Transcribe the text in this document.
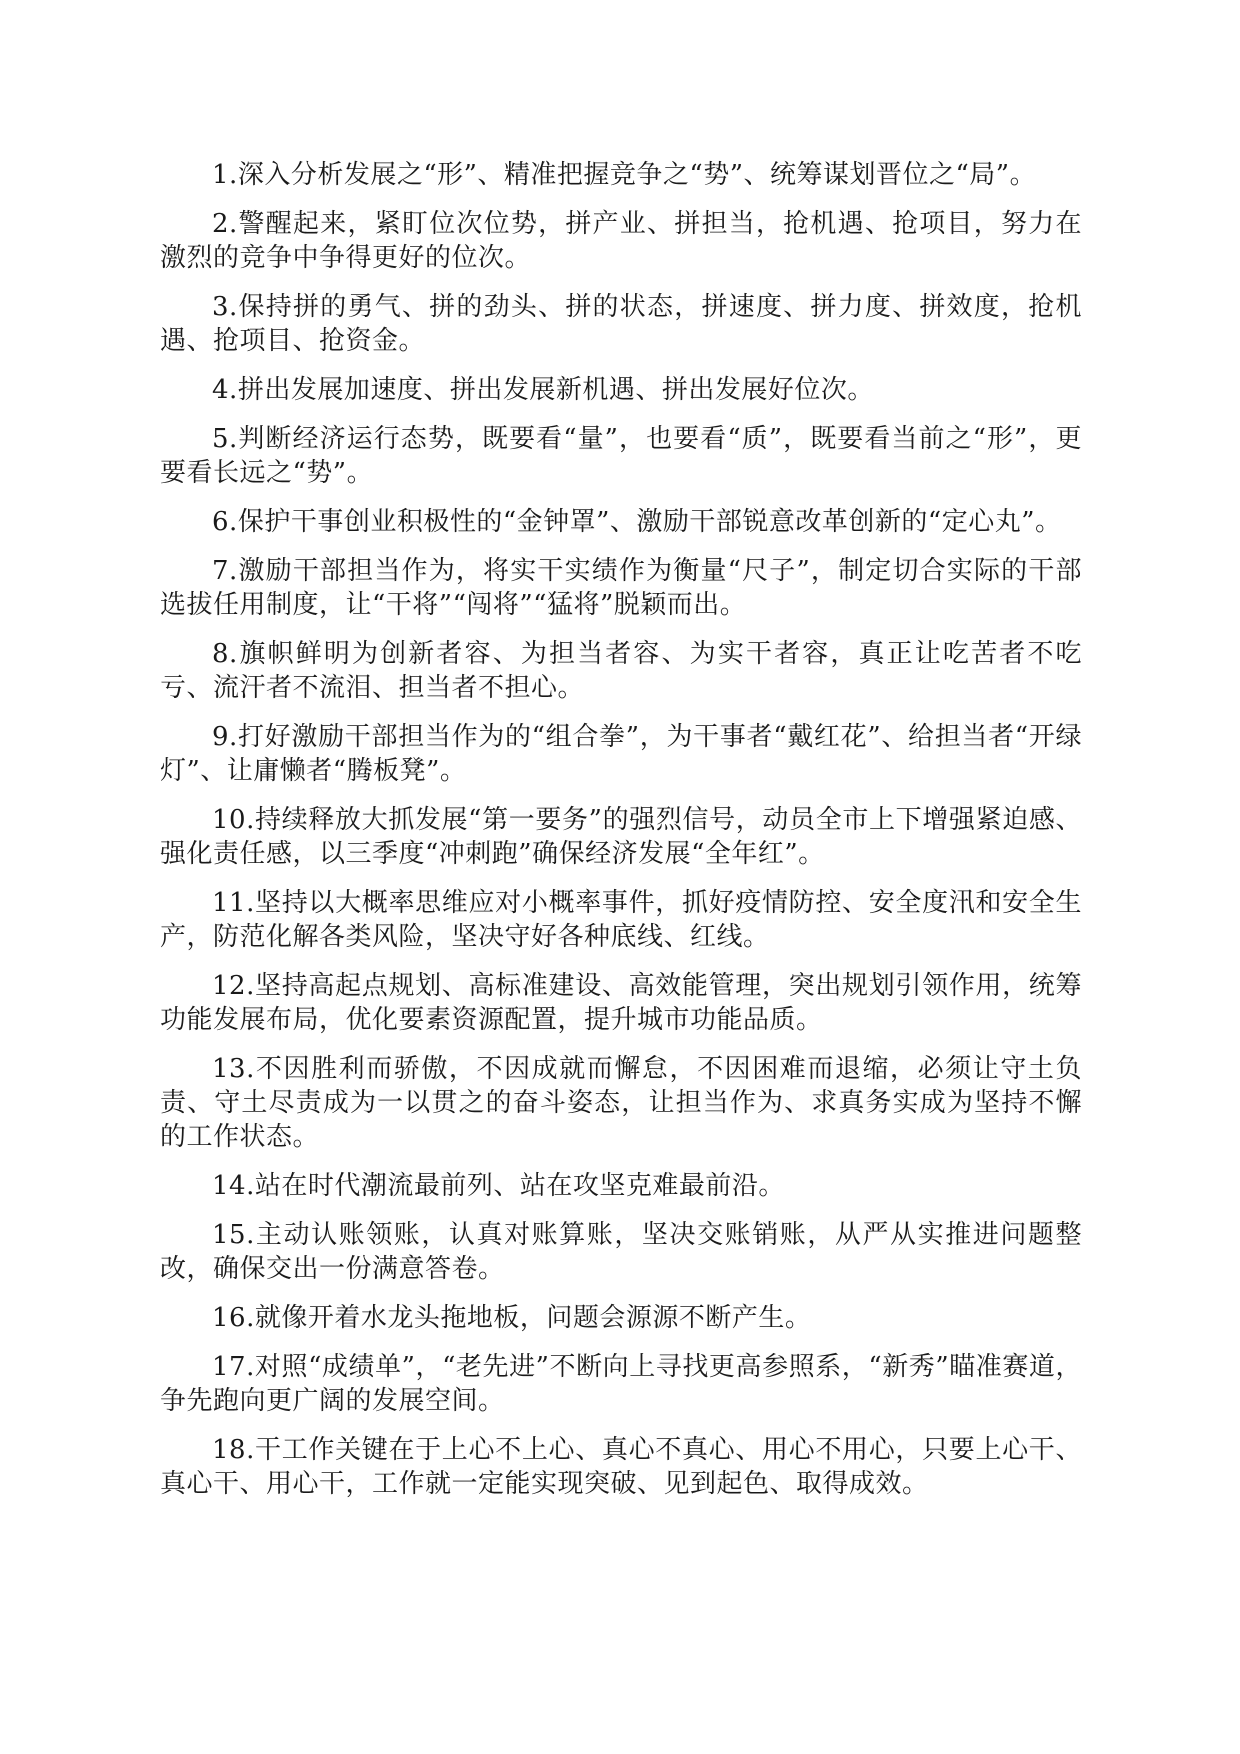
1.深入分析发展之“形”、精准把握竞争之“势”、统筹谋划晋位之“局”。

2.警醒起来，紧盯位次位势，拼产业、拼担当，抢机遇、抢项目，努力在激烈的竞争中争得更好的位次。

3.保持拼的勇气、拼的劲头、拼的状态，拼速度、拼力度、拼效度，抢机遇、抢项目、抢资金。

4.拼出发展加速度、拼出发展新机遇、拼出发展好位次。

5.判断经济运行态势，既要看“量”，也要看“质”，既要看当前之“形”，更要看长远之“势”。

6.保护干事创业积极性的“金钟罩”、激励干部锐意改革创新的“定心丸”。

7.激励干部担当作为，将实干实绩作为衡量“尺子”，制定切合实际的干部选拔任用制度，让“干将”“闯将”“猛将”脱颖而出。

8.旗帜鲜明为创新者容、为担当者容、为实干者容，真正让吃苦者不吃亏、流汗者不流泪、担当者不担心。

9.打好激励干部担当作为的“组合拳”，为干事者“戴红花”、给担当者“开绿灯”、让庸懒者“腾板凳”。

10.持续释放大抓发展“第一要务”的强烈信号，动员全市上下增强紧迫感、强化责任感，以三季度“冲刺跑”确保经济发展“全年红”。

11.坚持以大概率思维应对小概率事件，抓好疫情防控、安全度汛和安全生产，防范化解各类风险，坚决守好各种底线、红线。

12.坚持高起点规划、高标准建设、高效能管理，突出规划引领作用，统筹功能发展布局，优化要素资源配置，提升城市功能品质。

13.不因胜利而骄傲，不因成就而懈怠，不因困难而退缩，必须让守土负责、守土尽责成为一以贯之的奋斗姿态，让担当作为、求真务实成为坚持不懈的工作状态。

14.站在时代潮流最前列、站在攻坚克难最前沿。

15.主动认账领账，认真对账算账，坚决交账销账，从严从实推进问题整改，确保交出一份满意答卷。

16.就像开着水龙头拖地板，问题会源源不断产生。

17.对照“成绩单”，“老先进”不断向上寻找更高参照系，“新秀”瞄准赛道，争先跑向更广阔的发展空间。

18.干工作关键在于上心不上心、真心不真心、用心不用心，只要上心干、真心干、用心干，工作就一定能实现突破、见到起色、取得成效。
